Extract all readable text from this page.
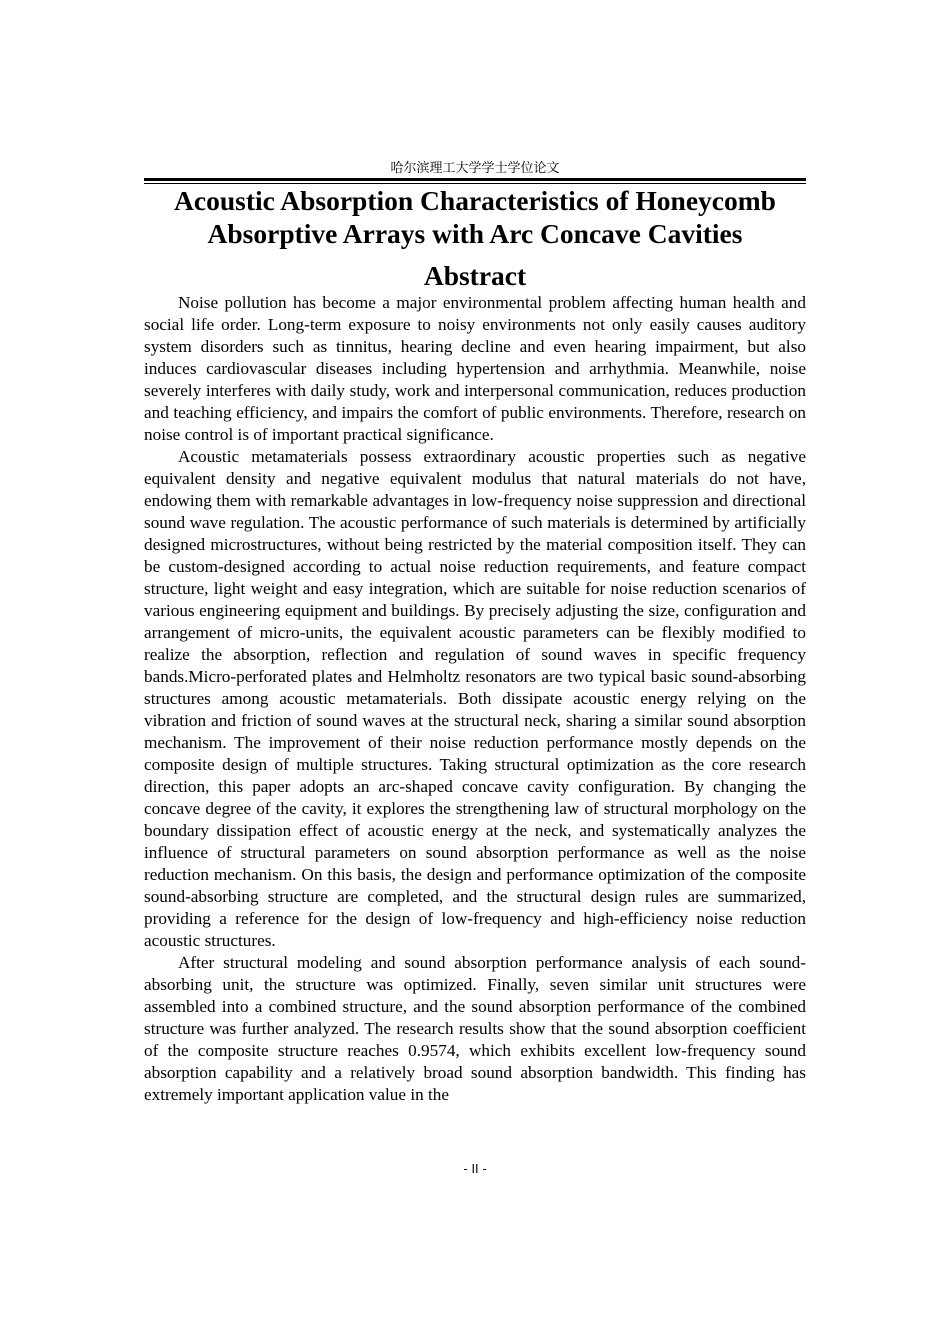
哈尔滨理工大学学士学位论文
Acoustic Absorption Characteristics of Honeycomb
Absorptive Arrays with Arc Concave Cavities
Abstract

Noise pollution has become a major environmental problem affecting human health and social life order. Long-term exposure to noisy environments not only easily causes auditory system disorders such as tinnitus, hearing decline and even hearing impairment, but also induces cardiovascular diseases including hypertension and arrhythmia. Meanwhile, noise severely interferes with daily study, work and interpersonal communication, reduces production and teaching efficiency, and impairs the comfort of public environments. Therefore, research on noise control is of important practical significance.

Acoustic metamaterials possess extraordinary acoustic properties such as negative equivalent density and negative equivalent modulus that natural materials do not have, endowing them with remarkable advantages in low-frequency noise suppression and directional sound wave regulation. The acoustic performance of such materials is determined by artificially designed microstructures, without being restricted by the material composition itself. They can be custom-designed according to actual noise reduction requirements, and feature compact structure, light weight and easy integration, which are suitable for noise reduction scenarios of various engineering equipment and buildings. By precisely adjusting the size, configuration and arrangement of micro-units, the equivalent acoustic parameters can be flexibly modified to realize the absorption, reflection and regulation of sound waves in specific frequency bands.Micro-perforated plates and Helmholtz resonators are two typical basic sound-absorbing structures among acoustic metamaterials. Both dissipate acoustic energy relying on the vibration and friction of sound waves at the structural neck, sharing a similar sound absorption mechanism. The improvement of their noise reduction performance mostly depends on the composite design of multiple structures. Taking structural optimization as the core research direction, this paper adopts an arc-shaped concave cavity configuration. By changing the concave degree of the cavity, it explores the strengthening law of structural morphology on the boundary dissipation effect of acoustic energy at the neck, and systematically analyzes the influence of structural parameters on sound absorption performance as well as the noise reduction mechanism. On this basis, the design and performance optimization of the composite sound-absorbing structure are completed, and the structural design rules are summarized, providing a reference for the design of low-frequency and high-efficiency noise reduction acoustic structures.

After structural modeling and sound absorption performance analysis of each sound-absorbing unit, the structure was optimized. Finally, seven similar unit structures were assembled into a combined structure, and the sound absorption performance of the combined structure was further analyzed. The research results show that the sound absorption coefficient of the composite structure reaches 0.9574, which exhibits excellent low-frequency sound absorption capability and a relatively broad sound absorption bandwidth. This finding has extremely important application value in the

- II -
